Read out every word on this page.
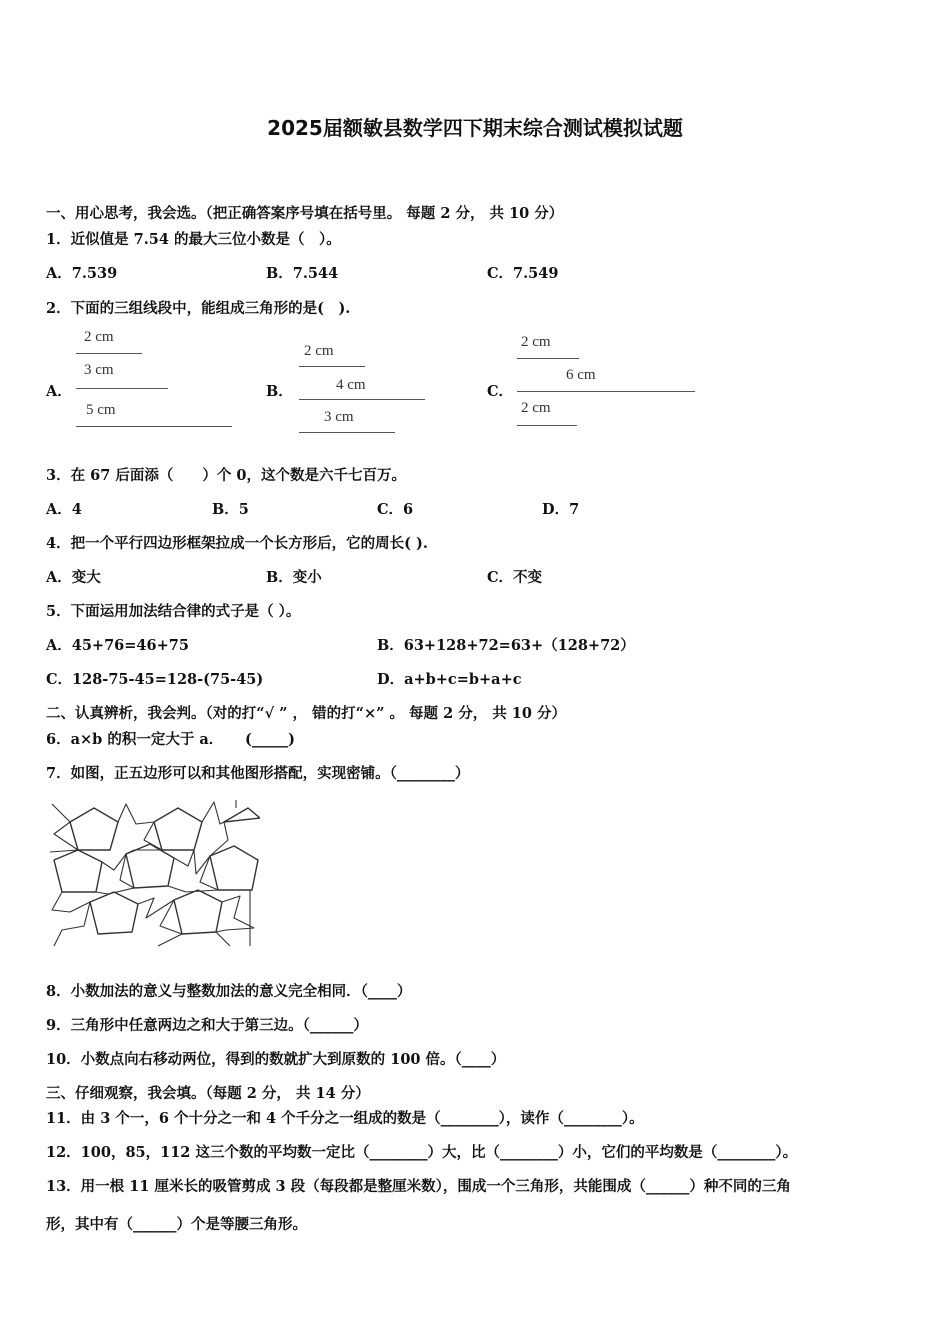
2025届额敏县数学四下期末综合测试模拟试题
一、用心思考，我会选。（把正确答案序号填在括号里。 每题 2 分， 共 10 分）
1．近似值是 7.54 的最大三位小数是（　）。
A．7.539	B．7.544	C．7.549
2．下面的三组线段中，能组成三角形的是(　).
A．
2 cm
3 cm
5 cm
B．
2 cm
4 cm
3 cm
C．
2 cm
6 cm
2 cm
3．在 67 后面添（　　）个 0，这个数是六千七百万。
A．4	B．5	C．6	D．7
4．把一个平行四边形框架拉成一个长方形后，它的周长( ).
A．变大	B．变小	C．不变
5．下面运用加法结合律的式子是（ ）。
A．45+76=46+75	B．63+128+72=63+（128+72）
C．128-75-45=128-(75-45)	D．a+b+c=b+a+c
二、认真辨析，我会判。（对的打“√ ” ， 错的打“×” 。 每题 2 分， 共 10 分）
6．a×b 的积一定大于 a．　　(_____)
7．如图，正五边形可以和其他图形搭配，实现密铺。（________）
8．小数加法的意义与整数加法的意义完全相同．（____）
9．三角形中任意两边之和大于第三边。（______）
10．小数点向右移动两位，得到的数就扩大到原数的 100 倍。（____）
三、仔细观察，我会填。（每题 2 分， 共 14 分）
11．由 3 个一，6 个十分之一和 4 个千分之一组成的数是（________），读作（________）。
12．100，85，112 这三个数的平均数一定比（________）大，比（________）小，它们的平均数是（________）。
13．用一根 11 厘米长的吸管剪成 3 段（每段都是整厘米数），围成一个三角形，共能围成（______）种不同的三角
形，其中有（______）个是等腰三角形。
